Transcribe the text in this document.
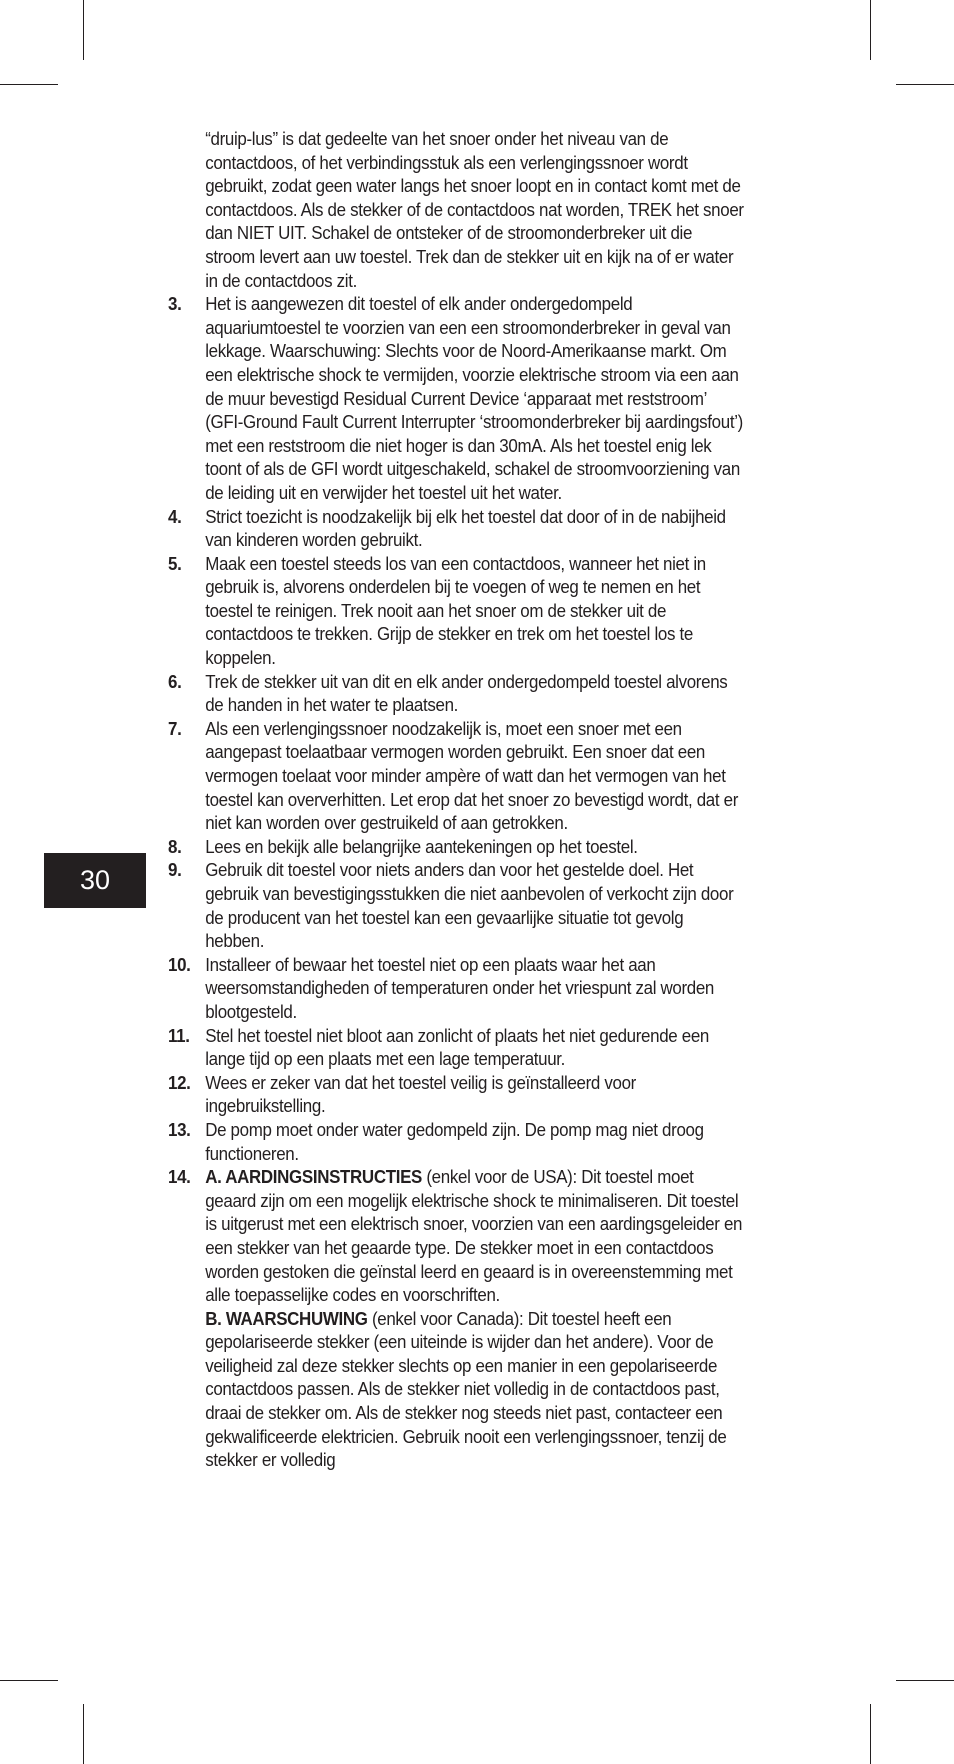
30

“druip-lus” is dat gedeelte van het snoer onder het niveau van de contactdoos, of het verbindingsstuk als een verlengingssnoer wordt gebruikt, zodat geen water langs het snoer loopt en in contact komt met de contactdoos. Als de stekker of de contactdoos nat worden, TREK het snoer dan NIET UIT. Schakel de ontsteker of de stroomonderbreker uit die stroom levert aan uw toestel. Trek dan de stekker uit en kijk na of er water in de contactdoos zit.

3. Het is aangewezen dit toestel of elk ander ondergedompeld aquariumtoestel te voorzien van een een stroomonderbreker in geval van lekkage. Waarschuwing: Slechts voor de Noord-Amerikaanse markt. Om een elektrische shock te vermijden, voorzie elektrische stroom via een aan de muur bevestigd Residual Current Device ‘apparaat met reststroom’ (GFI-Ground Fault Current Interrupter ‘stroomonderbreker bij aardingsfout’) met een reststroom die niet hoger is dan 30mA. Als het toestel enig lek toont of als de GFI wordt uitgeschakeld, schakel de stroomvoorziening van de leiding uit en verwijder het toestel uit het water.
4. Strict toezicht is noodzakelijk bij elk het toestel dat door of in de nabijheid van kinderen worden gebruikt.
5. Maak een toestel steeds los van een contactdoos, wanneer het niet in gebruik is, alvorens onderdelen bij te voegen of weg te nemen en het toestel te reinigen. Trek nooit aan het snoer om de stekker uit de contactdoos te trekken. Grijp de stekker en trek om het toestel los te koppelen.
6. Trek de stekker uit van dit en elk ander ondergedompeld toestel alvorens de handen in het water te plaatsen.
7. Als een verlengingssnoer noodzakelijk is, moet een snoer met een aangepast toelaatbaar vermogen worden gebruikt. Een snoer dat een vermogen toelaat voor minder ampère of watt dan het vermogen van het toestel kan oververhitten. Let erop dat het snoer zo bevestigd wordt, dat er niet kan worden over gestruikeld of aan getrokken.
8. Lees en bekijk alle belangrijke aantekeningen op het toestel.
9. Gebruik dit toestel voor niets anders dan voor het gestelde doel. Het gebruik van bevestigingsstukken die niet aanbevolen of verkocht zijn door de producent van het toestel kan een gevaarlijke situatie tot gevolg hebben.
10. Installeer of bewaar het toestel niet op een plaats waar het aan weersomstandigheden of temperaturen onder het vriespunt zal worden blootgesteld.
11. Stel het toestel niet bloot aan zonlicht of plaats het niet gedurende een lange tijd op een plaats met een lage temperatuur.
12. Wees er zeker van dat het toestel veilig is geïnstalleerd voor ingebruikstelling.
13. De pomp moet onder water gedompeld zijn. De pomp mag niet droog functioneren.
14. A. AARDINGSINSTRUCTIES (enkel voor de USA): Dit toestel moet geaard zijn om een mogelijk elektrische shock te minimaliseren. Dit toestel is uitgerust met een elektrisch snoer, voorzien van een aardingsgeleider en een stekker van het geaarde type. De stekker moet in een contactdoos worden gestoken die geïnstal leerd en geaard is in overeenstemming met alle toepasselijke codes en voorschriften.

B. WAARSCHUWING (enkel voor Canada): Dit toestel heeft een gepolariseerde stekker (een uiteinde is wijder dan het andere). Voor de veiligheid zal deze stekker slechts op een manier in een gepolariseerde contactdoos passen. Als de stekker niet volledig in de contactdoos past, draai de stekker om. Als de stekker nog steeds niet past, contacteer een gekwalificeerde elektricien. Gebruik nooit een verlengingssnoer, tenzij de stekker er volledig
